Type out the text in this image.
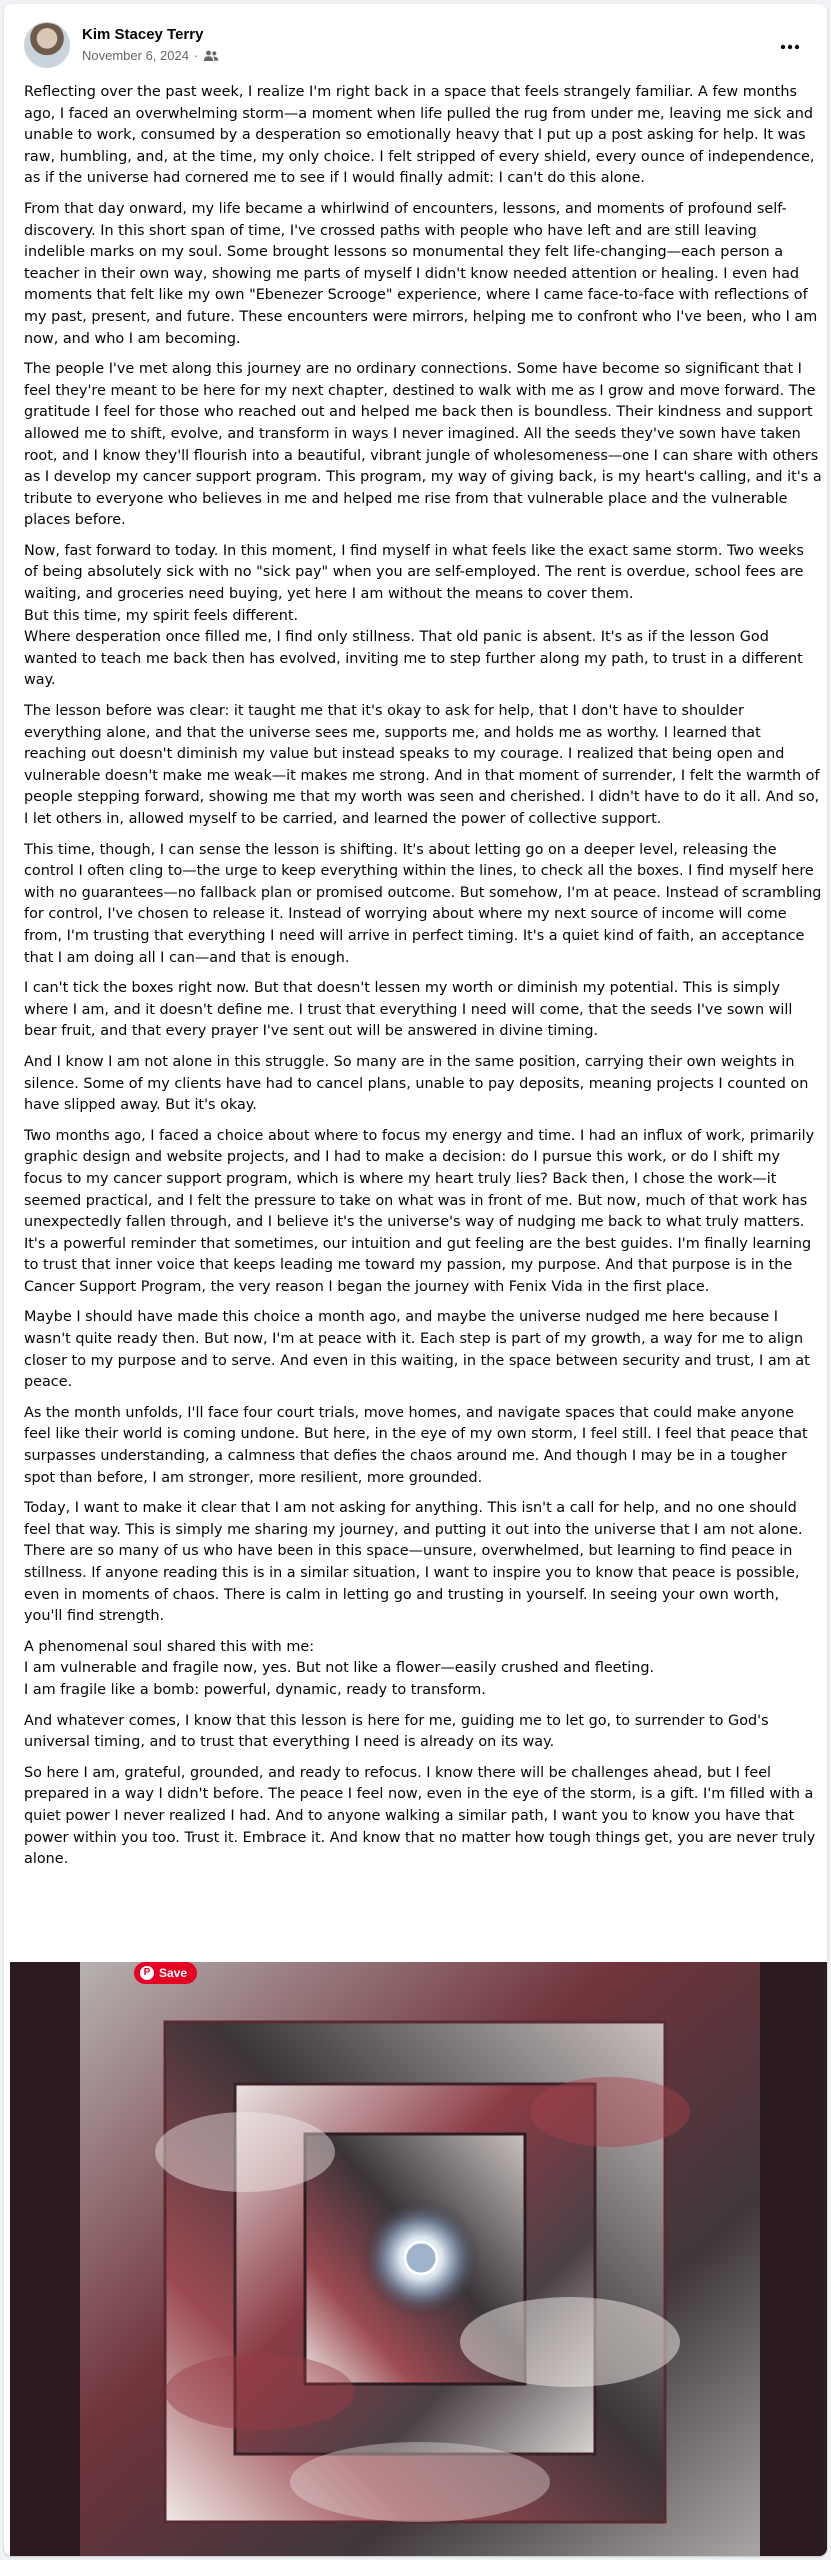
Kim Stacey Terry
November 6, 2024 ·

Reflecting over the past week, I realize I'm right back in a space that feels strangely familiar. A few months ago, I faced an overwhelming storm—a moment when life pulled the rug from under me, leaving me sick and unable to work, consumed by a desperation so emotionally heavy that I put up a post asking for help. It was raw, humbling, and, at the time, my only choice. I felt stripped of every shield, every ounce of independence, as if the universe had cornered me to see if I would finally admit: I can't do this alone.

From that day onward, my life became a whirlwind of encounters, lessons, and moments of profound self-discovery. In this short span of time, I've crossed paths with people who have left and are still leaving indelible marks on my soul. Some brought lessons so monumental they felt life-changing—each person a teacher in their own way, showing me parts of myself I didn't know needed attention or healing. I even had moments that felt like my own "Ebenezer Scrooge" experience, where I came face-to-face with reflections of my past, present, and future. These encounters were mirrors, helping me to confront who I've been, who I am now, and who I am becoming.

The people I've met along this journey are no ordinary connections. Some have become so significant that I feel they're meant to be here for my next chapter, destined to walk with me as I grow and move forward. The gratitude I feel for those who reached out and helped me back then is boundless. Their kindness and support allowed me to shift, evolve, and transform in ways I never imagined. All the seeds they've sown have taken root, and I know they'll flourish into a beautiful, vibrant jungle of wholesomeness—one I can share with others as I develop my cancer support program. This program, my way of giving back, is my heart's calling, and it's a tribute to everyone who believes in me and helped me rise from that vulnerable place and the vulnerable places before.

Now, fast forward to today. In this moment, I find myself in what feels like the exact same storm. Two weeks of being absolutely sick with no "sick pay" when you are self-employed. The rent is overdue, school fees are waiting, and groceries need buying, yet here I am without the means to cover them.
But this time, my spirit feels different.
Where desperation once filled me, I find only stillness. That old panic is absent. It's as if the lesson God wanted to teach me back then has evolved, inviting me to step further along my path, to trust in a different way.

The lesson before was clear: it taught me that it's okay to ask for help, that I don't have to shoulder everything alone, and that the universe sees me, supports me, and holds me as worthy. I learned that reaching out doesn't diminish my value but instead speaks to my courage. I realized that being open and vulnerable doesn't make me weak—it makes me strong. And in that moment of surrender, I felt the warmth of people stepping forward, showing me that my worth was seen and cherished. I didn't have to do it all. And so, I let others in, allowed myself to be carried, and learned the power of collective support.

This time, though, I can sense the lesson is shifting. It's about letting go on a deeper level, releasing the control I often cling to—the urge to keep everything within the lines, to check all the boxes. I find myself here with no guarantees—no fallback plan or promised outcome. But somehow, I'm at peace. Instead of scrambling for control, I've chosen to release it. Instead of worrying about where my next source of income will come from, I'm trusting that everything I need will arrive in perfect timing. It's a quiet kind of faith, an acceptance that I am doing all I can—and that is enough.

I can't tick the boxes right now. But that doesn't lessen my worth or diminish my potential. This is simply where I am, and it doesn't define me. I trust that everything I need will come, that the seeds I've sown will bear fruit, and that every prayer I've sent out will be answered in divine timing.

And I know I am not alone in this struggle. So many are in the same position, carrying their own weights in silence. Some of my clients have had to cancel plans, unable to pay deposits, meaning projects I counted on have slipped away. But it's okay.

Two months ago, I faced a choice about where to focus my energy and time. I had an influx of work, primarily graphic design and website projects, and I had to make a decision: do I pursue this work, or do I shift my focus to my cancer support program, which is where my heart truly lies? Back then, I chose the work—it seemed practical, and I felt the pressure to take on what was in front of me. But now, much of that work has unexpectedly fallen through, and I believe it's the universe's way of nudging me back to what truly matters. It's a powerful reminder that sometimes, our intuition and gut feeling are the best guides. I'm finally learning to trust that inner voice that keeps leading me toward my passion, my purpose. And that purpose is in the Cancer Support Program, the very reason I began the journey with Fenix Vida in the first place.

Maybe I should have made this choice a month ago, and maybe the universe nudged me here because I wasn't quite ready then. But now, I'm at peace with it. Each step is part of my growth, a way for me to align closer to my purpose and to serve. And even in this waiting, in the space between security and trust, I am at peace.

As the month unfolds, I'll face four court trials, move homes, and navigate spaces that could make anyone feel like their world is coming undone. But here, in the eye of my own storm, I feel still. I feel that peace that surpasses understanding, a calmness that defies the chaos around me. And though I may be in a tougher spot than before, I am stronger, more resilient, more grounded.

Today, I want to make it clear that I am not asking for anything. This isn't a call for help, and no one should feel that way. This is simply me sharing my journey, and putting it out into the universe that I am not alone. There are so many of us who have been in this space—unsure, overwhelmed, but learning to find peace in stillness. If anyone reading this is in a similar situation, I want to inspire you to know that peace is possible, even in moments of chaos. There is calm in letting go and trusting in yourself. In seeing your own worth, you'll find strength.

A phenomenal soul shared this with me:
I am vulnerable and fragile now, yes. But not like a flower—easily crushed and fleeting.
I am fragile like a bomb: powerful, dynamic, ready to transform.

And whatever comes, I know that this lesson is here for me, guiding me to let go, to surrender to God's universal timing, and to trust that everything I need is already on its way.

So here I am, grateful, grounded, and ready to refocus. I know there will be challenges ahead, but I feel prepared in a way I didn't before. The peace I feel now, even in the eye of the storm, is a gift. I'm filled with a quiet power I never realized I had. And to anyone walking a similar path, I want you to know you have that power within you too. Trust it. Embrace it. And know that no matter how tough things get, you are never truly alone.

P Save
